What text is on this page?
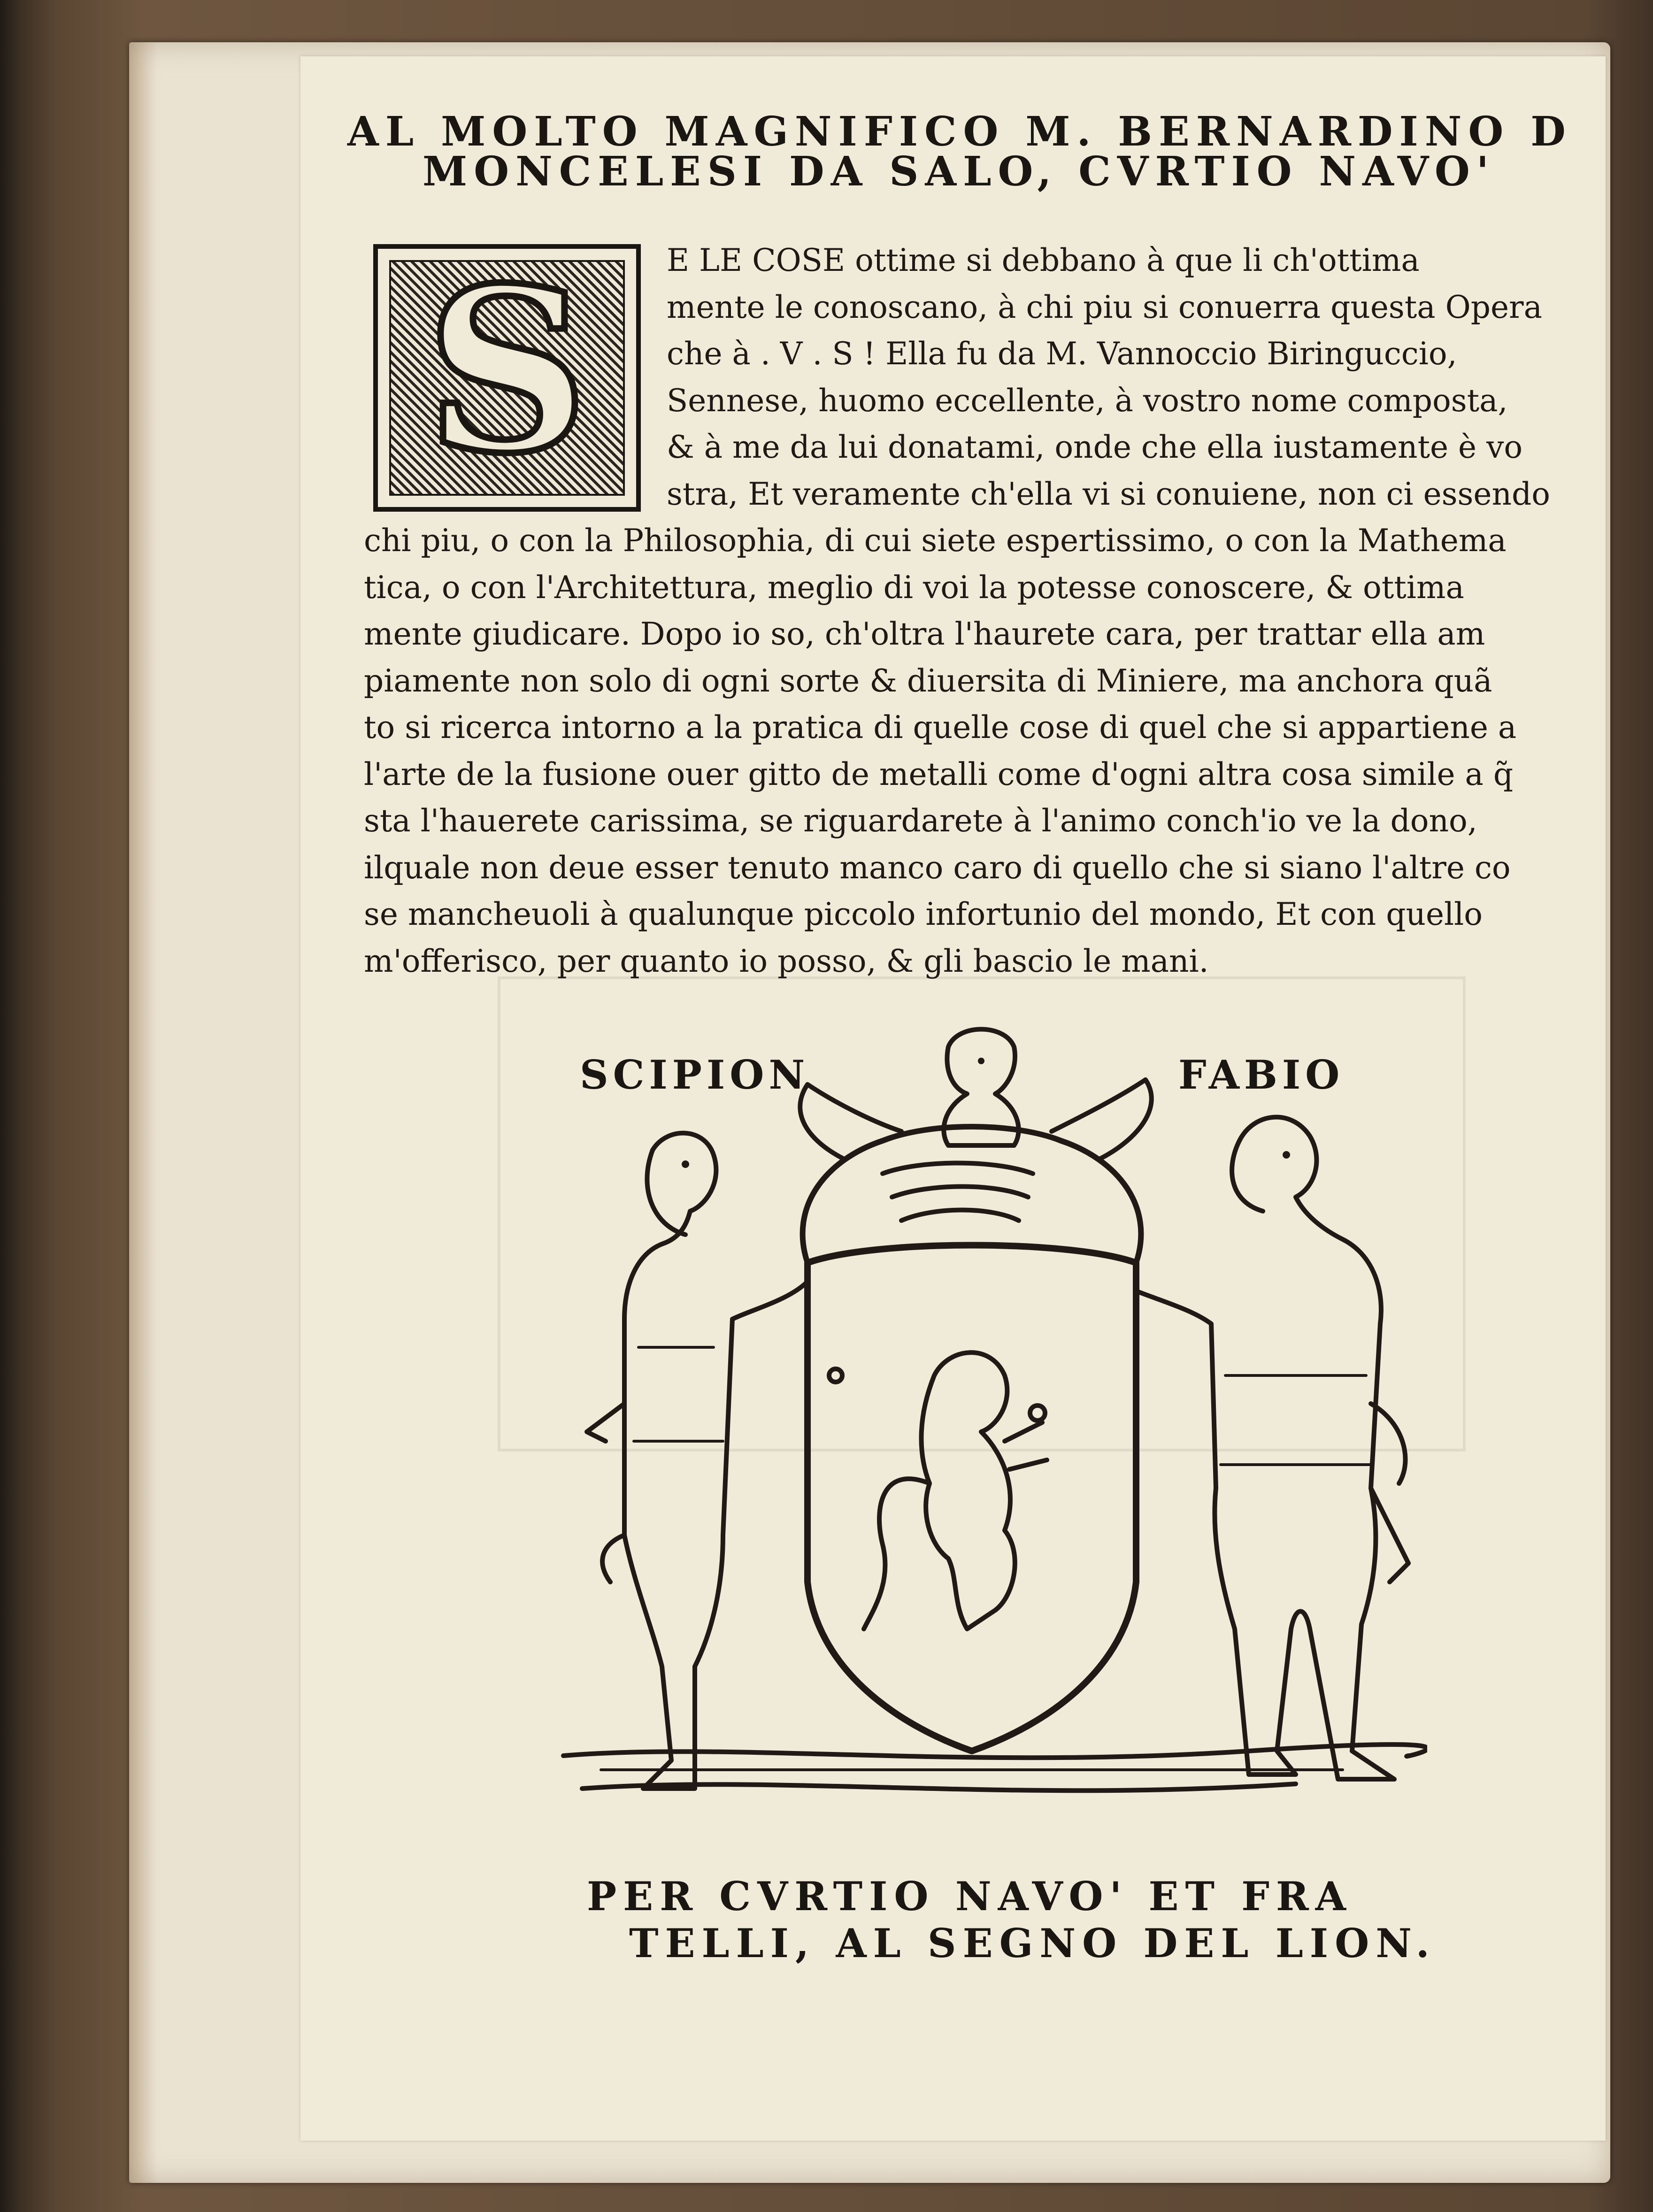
AL MOLTO MAGNIFICO M. BERNARDINO D
MONCELESI DA SALO, CVRTIO NAVO'
S	E LE COSE ottime si debbano à que li ch'ottima
mente le conoscano, à chi piu si conuerra questa Opera
che à . V . S ! Ella fu da M. Vannoccio Biringuccio,
Sennese, huomo eccellente, à vostro nome composta,
& à me da lui donatami, onde che ella iustamente è vo
stra, Et veramente ch'ella vi si conuiene, non ci essendo
chi piu, o con la Philosophia, di cui siete espertissimo, o con la Mathema
tica, o con l'Architettura, meglio di voi la potesse conoscere, & ottima
mente giudicare. Dopo io so, ch'oltra l'haurete cara, per trattar ella am
piamente non solo di ogni sorte & diuersita di Miniere, ma anchora quã
to si ricerca intorno a la pratica di quelle cose di quel che si appartiene a
l'arte de la fusione ouer gitto de metalli come d'ogni altra cosa simile a q̃
sta l'hauerete carissima, se riguardarete à l'animo conch'io ve la dono,
ilquale non deue esser tenuto manco caro di quello che si siano l'altre co
se mancheuoli à qualunque piccolo infortunio del mondo, Et con quello
m'offerisco, per quanto io posso, & gli bascio le mani.
SCIPION	FABIO
PER CVRTIO NAVO' ET FRA
TELLI, AL SEGNO DEL LION.
